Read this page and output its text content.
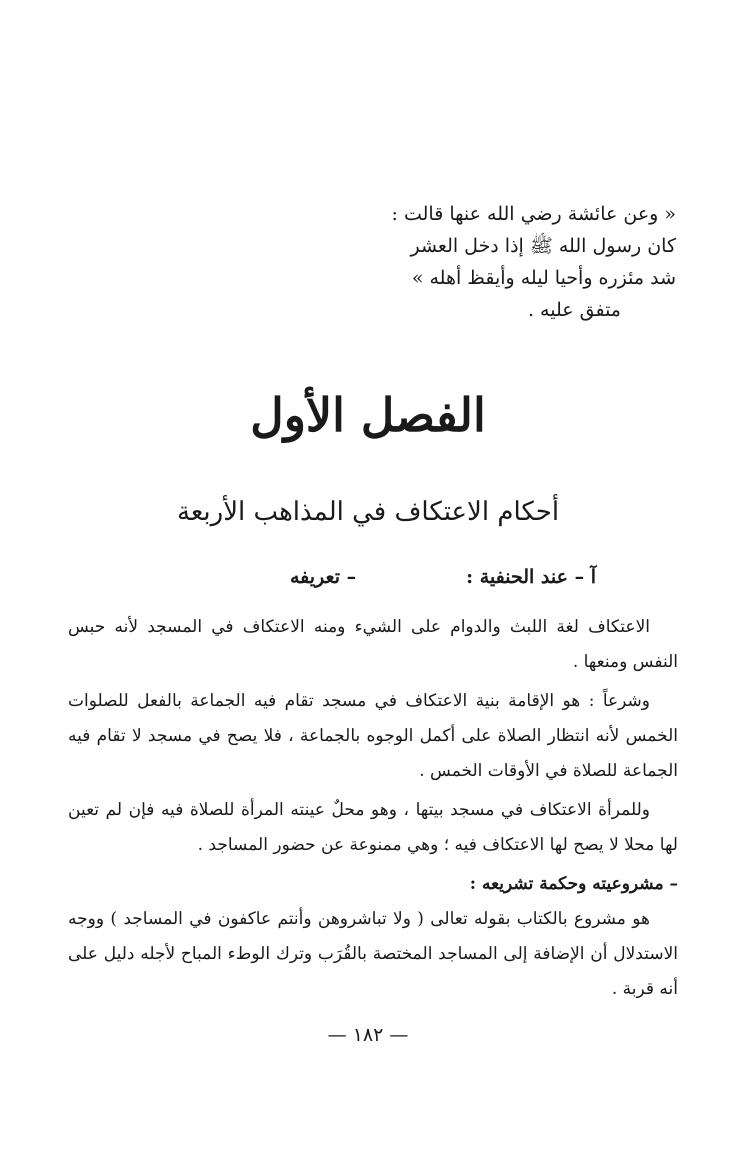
« وعن عائشة رضي الله عنها قالت :
كان رسول الله ﷺ إذا دخل العشر
شد مئزره وأحيا ليله وأيقظ أهله »
متفق عليه .
الفصل الأول
أحكام الاعتكاف في المذاهب الأربعة
آ – عند الحنفية :– تعريفه

الاعتكاف لغة اللبث والدوام على الشيء ومنه الاعتكاف في المسجد لأنه حبس النفس ومنعها .

وشرعاً : هو الإقامة بنية الاعتكاف في مسجد تقام فيه الجماعة بالفعل للصلوات الخمس لأنه انتظار الصلاة على أكمل الوجوه بالجماعة ، فلا يصح في مسجد لا تقام فيه الجماعة للصلاة في الأوقات الخمس .

وللمرأة الاعتكاف في مسجد بيتها ، وهو محلٌ عينته المرأة للصلاة فيه فإن لم تعين لها محلا لا يصح لها الاعتكاف فيه ؛ وهي ممنوعة عن حضور المساجد .

– مشروعيته وحكمة تشريعه :

هو مشروع بالكتاب بقوله تعالى ( ولا تباشروهن وأنتم عاكفون في المساجد ) ووجه الاستدلال أن الإضافة إلى المساجد المختصة بالقُرَب وترك الوطء المباح لأجله دليل على أنه قربة .

— ١٨٢ —
